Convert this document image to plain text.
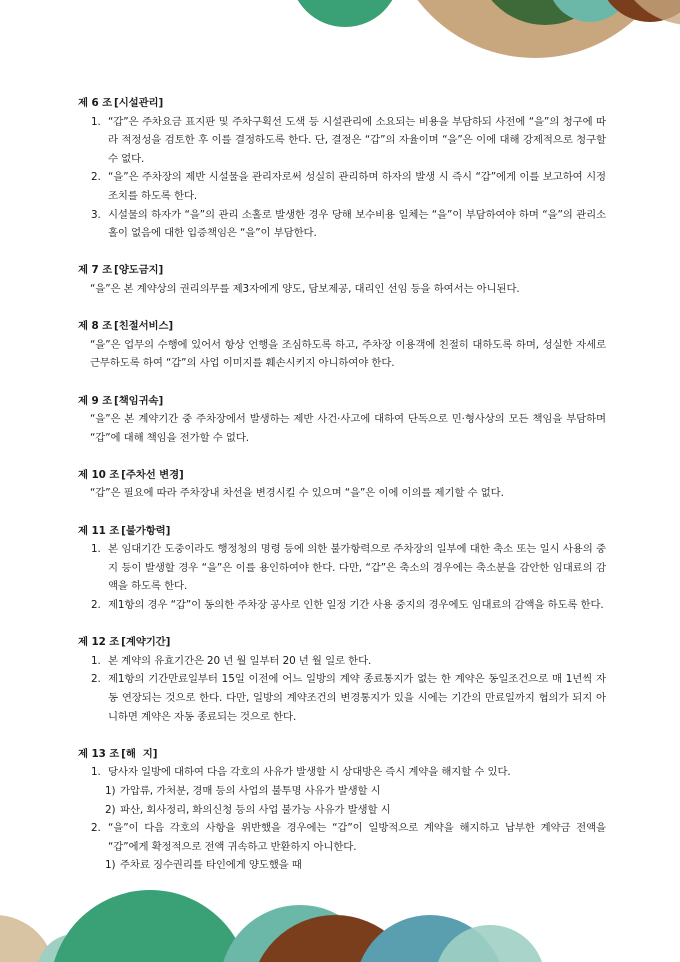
제 6 조 [시설관리]
1. “갑”은 주차요금 표지판 및 주차구획선 도색 등 시설관리에 소요되는 비용을 부담하되 사전에 “을”의 청구에 따라 적정성을 검토한 후 이를 결정하도록 한다. 단, 결정은 “갑”의 자율이며 “을”은 이에 대해 강제적으로 청구할 수 없다.
2. “을”은 주차장의 제반 시설물을 관리자로써 성실히 관리하며 하자의 발생 시 즉시 “갑”에게 이를 보고하여 시정조치를 하도록 한다.
3. 시설물의 하자가 “을”의 관리 소홀로 발생한 경우 당해 보수비용 일체는 “을”이 부담하여야 하며 “을”의 관리소홀이 없음에 대한 입증책임은 “을”이 부담한다.
제 7 조 [양도금지]
“을”은 본 계약상의 권리의무를 제3자에게 양도, 담보제공, 대리인 선임 등을 하여서는 아니된다.
제 8 조 [친절서비스]
“을”은 업무의 수행에 있어서 항상 언행을 조심하도록 하고, 주차장 이용객에 친절히 대하도록 하며, 성실한 자세로 근무하도록 하여 “갑”의 사업 이미지를 훼손시키지 아니하여야 한다.
제 9 조 [책임귀속]
“을”은 본 계약기간 중 주차장에서 발생하는 제반 사건·사고에 대하여 단독으로 민·형사상의 모든 책임을 부담하며 “갑”에 대해 책임을 전가할 수 없다.
제 10 조 [주차선 변경]
“갑”은 필요에 따라 주차장내 차선을 변경시킬 수 있으며 “을”은 이에 이의를 제기할 수 없다.
제 11 조 [불가항력]
1. 본 임대기간 도중이라도 행정청의 명령 등에 의한 불가항력으로 주차장의 일부에 대한 축소 또는 일시 사용의 중지 등이 발생할 경우 “을”은 이를 용인하여야 한다. 다만, “갑”은 축소의 경우에는 축소분을 감안한 임대료의 감액을 하도록 한다.
2. 제1항의 경우 “갑”이 동의한 주차장 공사로 인한 일정 기간 사용 중지의 경우에도 임대료의 감액을 하도록 한다.
제 12 조 [계약기간]
1. 본 계약의 유효기간은 20 년 월 일부터 20 년 월 일로 한다.
2. 제1항의 기간만료일부터 15일 이전에 어느 일방의 계약 종료통지가 없는 한 계약은 동일조건으로 매 1년씩 자동 연장되는 것으로 한다. 다만, 일방의 계약조건의 변경통지가 있을 시에는 기간의 만료일까지 협의가 되지 아니하면 계약은 자동 종료되는 것으로 한다.
제 13 조 [해  지]
1. 당사자 일방에 대하여 다음 각호의 사유가 발생할 시 상대방은 즉시 계약을 해지할 수 있다.
1) 가압류, 가처분, 경매 등의 사업의 불투명 사유가 발생할 시
2) 파산, 회사정리, 화의신청 등의 사업 불가능 사유가 발생할 시
2. “을”이 다음 각호의 사항을 위반했을 경우에는 “갑”이 일방적으로 계약을 해지하고 납부한 계약금 전액을 “갑”에게 확정적으로 전액 귀속하고 반환하지 아니한다.
1) 주차료 징수권리를 타인에게 양도했을 때
